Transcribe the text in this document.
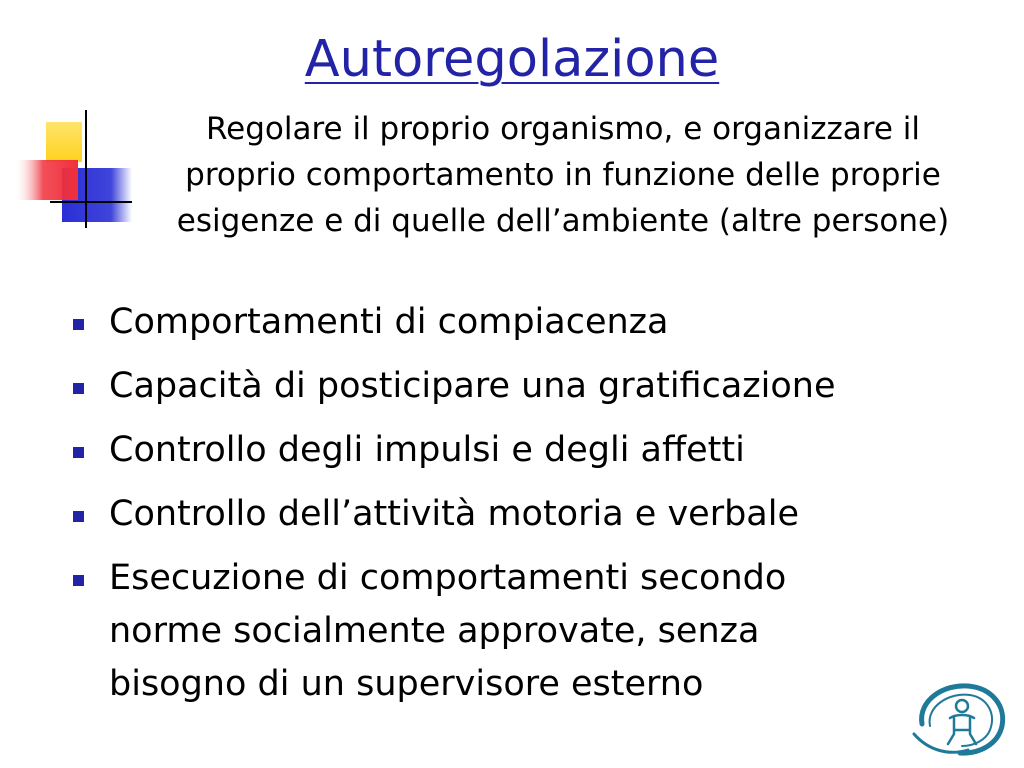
Autoregolazione
Regolare il proprio organismo, e organizzare il
proprio comportamento in funzione delle proprie
esigenze e di quelle dell’ambiente (altre persone)
Comportamenti di compiacenza
Capacità di posticipare una gratificazione
Controllo degli impulsi e degli affetti
Controllo dell’attività motoria e verbale
Esecuzione di comportamenti secondo
norme socialmente approvate, senza
bisogno di un supervisore esterno
